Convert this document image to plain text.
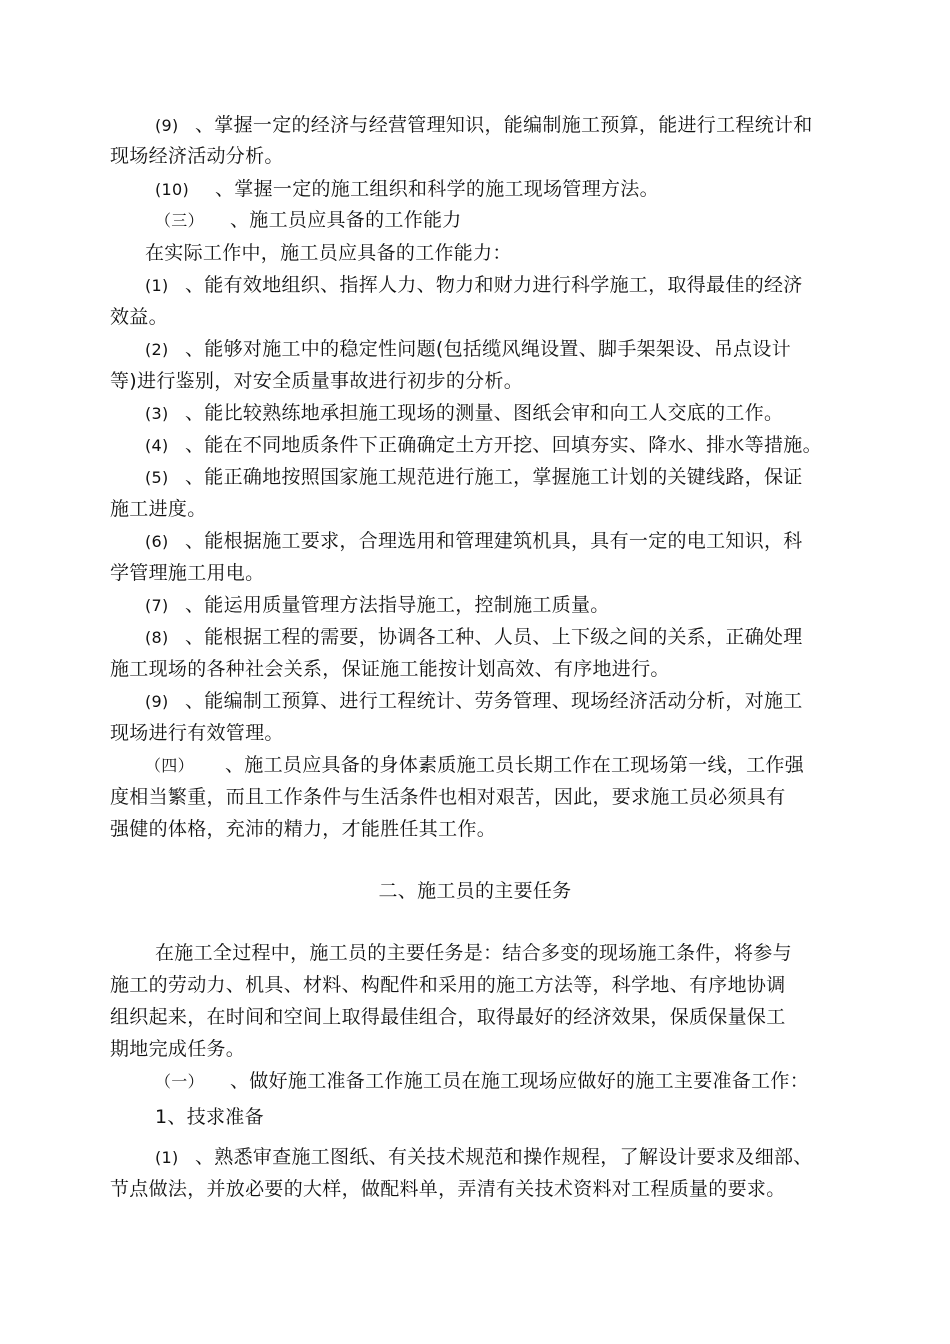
(9) 、掌握一定的经济与经营管理知识，能编制施工预算，能进行工程统计和
现场经济活动分析。
(10) 、掌握一定的施工组织和科学的施工现场管理方法。
（三） 、施工员应具备的工作能力
在实际工作中，施工员应具备的工作能力：
(1) 、能有效地组织、指挥人力、物力和财力进行科学施工，取得最佳的经济
效益。
(2) 、能够对施工中的稳定性问题(包括缆风绳设置、脚手架架设、吊点设计
等)进行鉴别，对安全质量事故进行初步的分析。
(3) 、能比较熟练地承担施工现场的测量、图纸会审和向工人交底的工作。
(4) 、能在不同地质条件下正确确定土方开挖、回填夯实、降水、排水等措施。
(5) 、能正确地按照国家施工规范进行施工，掌握施工计划的关键线路，保证
施工进度。
(6) 、能根据施工要求，合理选用和管理建筑机具，具有一定的电工知识，科
学管理施工用电。
(7) 、能运用质量管理方法指导施工，控制施工质量。
(8) 、能根据工程的需要，协调各工种、人员、上下级之间的关系，正确处理
施工现场的各种社会关系，保证施工能按计划高效、有序地进行。
(9) 、能编制工预算、进行工程统计、劳务管理、现场经济活动分析，对施工
现场进行有效管理。
（四） 、施工员应具备的身体素质施工员长期工作在工现场第一线，工作强
度相当繁重，而且工作条件与生活条件也相对艰苦，因此，要求施工员必须具有
强健的体格，充沛的精力，才能胜任其工作。
二、施工员的主要任务
在施工全过程中，施工员的主要任务是：结合多变的现场施工条件，将参与
施工的劳动力、机具、材料、构配件和采用的施工方法等，科学地、有序地协调
组织起来，在时间和空间上取得最佳组合，取得最好的经济效果，保质保量保工
期地完成任务。
（一） 、做好施工准备工作施工员在施工现场应做好的施工主要准备工作：
1、技求准备
(1) 、熟悉审查施工图纸、有关技术规范和操作规程，了解设计要求及细部、
节点做法，并放必要的大样，做配料单，弄清有关技术资料对工程质量的要求。
